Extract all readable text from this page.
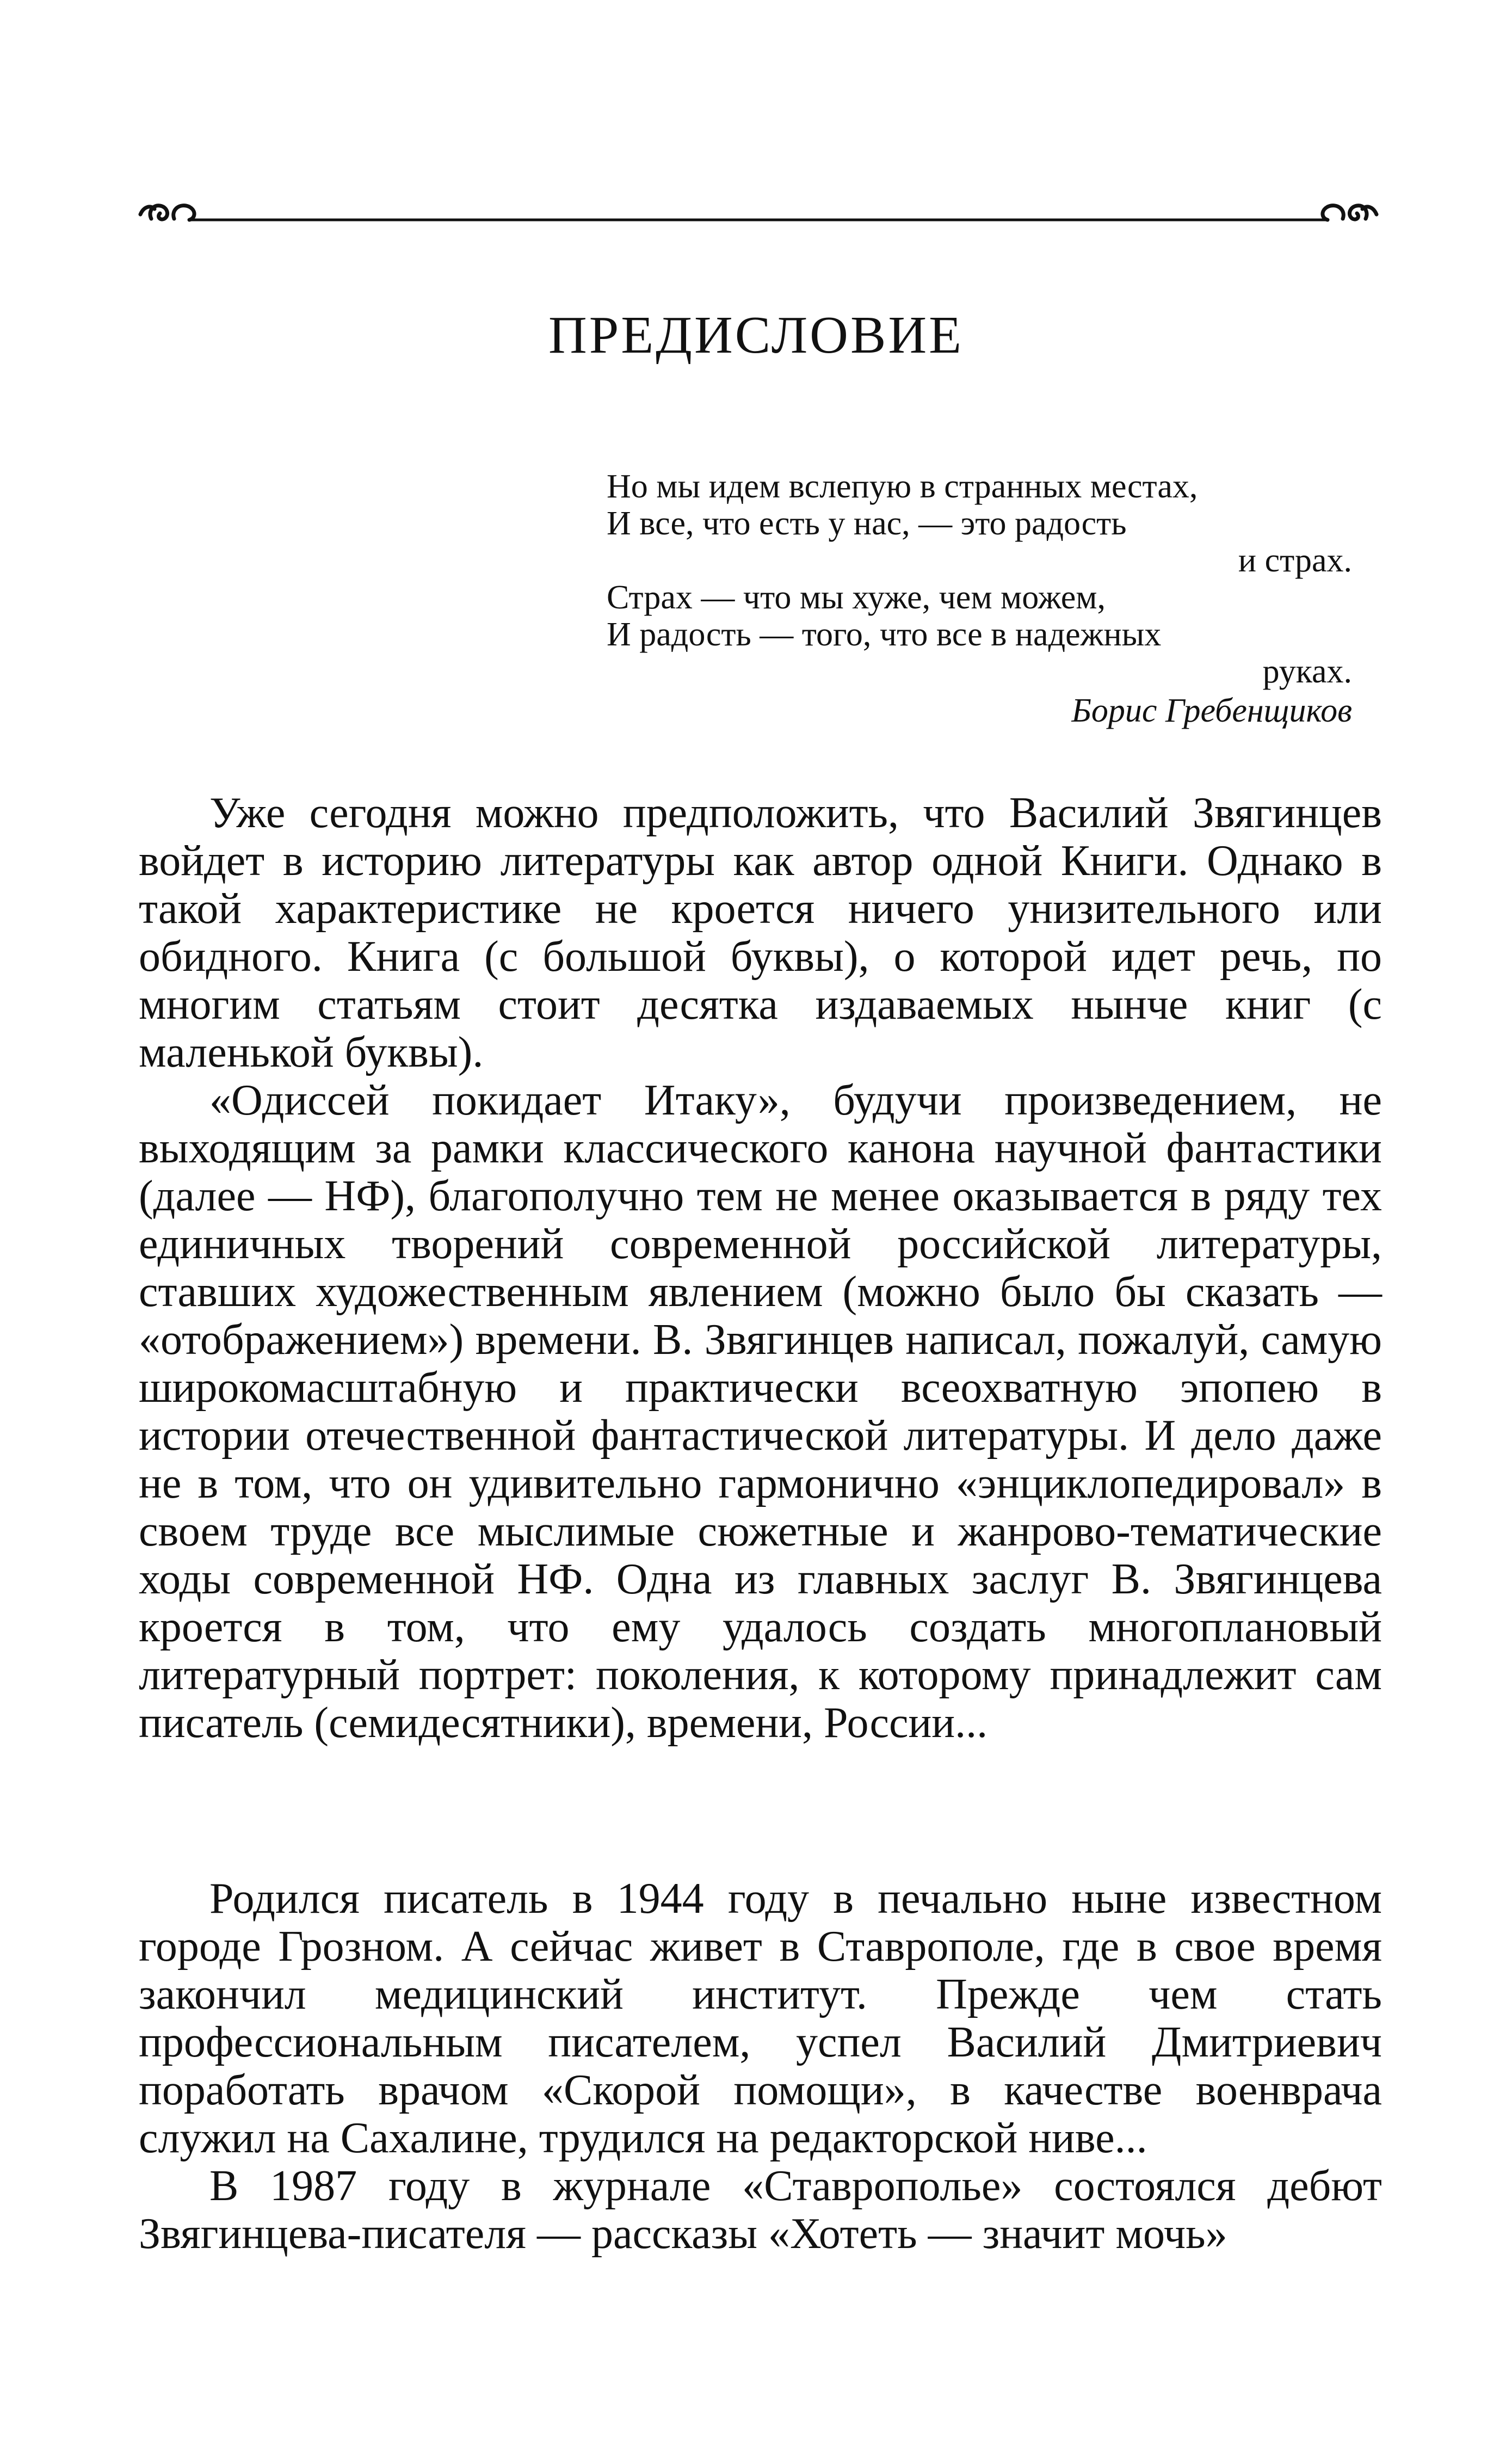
ПРЕДИСЛОВИЕ
Но мы идем вслепую в странных местах,
И все, что есть у нас, — это радость
и страх.
Страх — что мы хуже, чем можем,
И радость — того, что все в надежных
руках.
Борис Гребенщиков

Уже сегодня можно предположить, что Василий Звягинцев войдет в историю литературы как автор одной Книги. Однако в такой характеристике не кроется ничего унизительного или обидного. Книга (с большой буквы), о которой идет речь, по многим статьям стоит десятка издаваемых нынче книг (с маленькой буквы).

«Одиссей покидает Итаку», будучи произведением, не выходящим за рамки классического канона научной фантастики (далее — НФ), благополучно тем не менее оказывается в ряду тех единичных творений современной российской литературы, ставших художественным явлением (можно было бы сказать — «отображением») времени. В. Звягинцев написал, пожалуй, самую широкомасштабную и практически всеохватную эпопею в истории отечественной фантастической литературы. И дело даже не в том, что он удивительно гармонично «энциклопедировал» в своем труде все мыслимые сюжетные и жанрово-тематические ходы современной НФ. Одна из главных заслуг В. Звягинцева кроется в том, что ему удалось создать многоплановый литературный портрет: поколения, к которому принадлежит сам писатель (семидесятники), времени, России...

Родился писатель в 1944 году в печально ныне известном городе Грозном. А сейчас живет в Ставрополе, где в свое время закончил медицинский институт. Прежде чем стать профессиональным писателем, успел Василий Дмитриевич поработать врачом «Скорой помощи», в качестве военврача служил на Сахалине, трудился на редакторской ниве...

В 1987 году в журнале «Ставрополье» состоялся дебют Звягинцева-писателя — рассказы «Хотеть — значит мочь»
